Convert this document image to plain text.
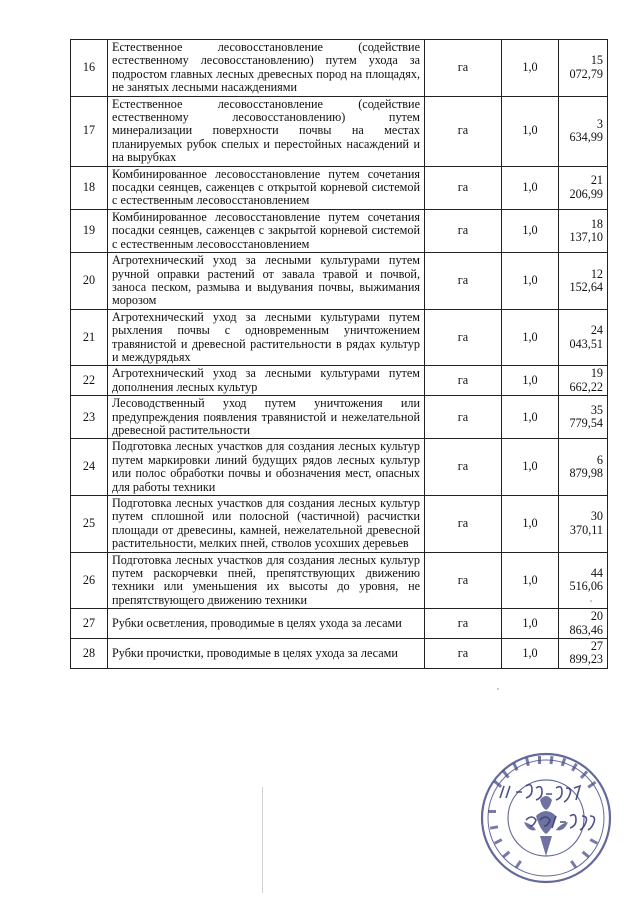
16	Естественное лесовосстановление (содействие естественному лесовосстановлению) путем ухода за подростом главных лесных древесных пород на площадях, не занятых лесными насаждениями	га	1,0	15 072,79
17	Естественное лесовосстановление (содействие естественному лесовосстановлению) путем минерализации поверхности почвы на местах планируемых рубок спелых и перестойных насаждений и на вырубках	га	1,0	3 634,99
18	Комбинированное лесовосстановление путем сочетания посадки сеянцев, саженцев с открытой корневой системой с естественным лесовосстановлением	га	1,0	21 206,99
19	Комбинированное лесовосстановление путем сочетания посадки сеянцев, саженцев с закрытой корневой системой с естественным лесовосстановлением	га	1,0	18 137,10
20	Агротехнический уход за лесными культурами путем ручной оправки растений от завала травой и почвой, заноса песком, размыва и выдувания почвы, выжимания морозом	га	1,0	12 152,64
21	Агротехнический уход за лесными культурами путем рыхления почвы с одновременным уничтожением травянистой и древесной растительности в рядах культур и междурядьях	га	1,0	24 043,51
22	Агротехнический уход за лесными культурами путем дополнения лесных культур	га	1,0	19 662,22
23	Лесоводственный уход путем уничтожения или предупреждения появления травянистой и нежелательной древесной растительности	га	1,0	35 779,54
24	Подготовка лесных участков для создания лесных культур путем маркировки линий будущих рядов лесных культур или полос обработки почвы и обозначения мест, опасных для работы техники	га	1,0	6 879,98
25	Подготовка лесных участков для создания лесных культур путем сплошной или полосной (частичной) расчистки площади от древесины, камней, нежелательной древесной растительности, мелких пней, стволов усохших деревьев	га	1,0	30 370,11
26	Подготовка лесных участков для создания лесных культур путем раскорчевки пней, препятствующих движению техники или уменьшения их высоты до уровня, не препятствующего движению техники	га	1,0	44 516,06
27	Рубки осветления, проводимые в целях ухода за лесами	га	1,0	20 863,46
28	Рубки прочистки, проводимые в целях ухода за лесами	га	1,0	27 899,23
